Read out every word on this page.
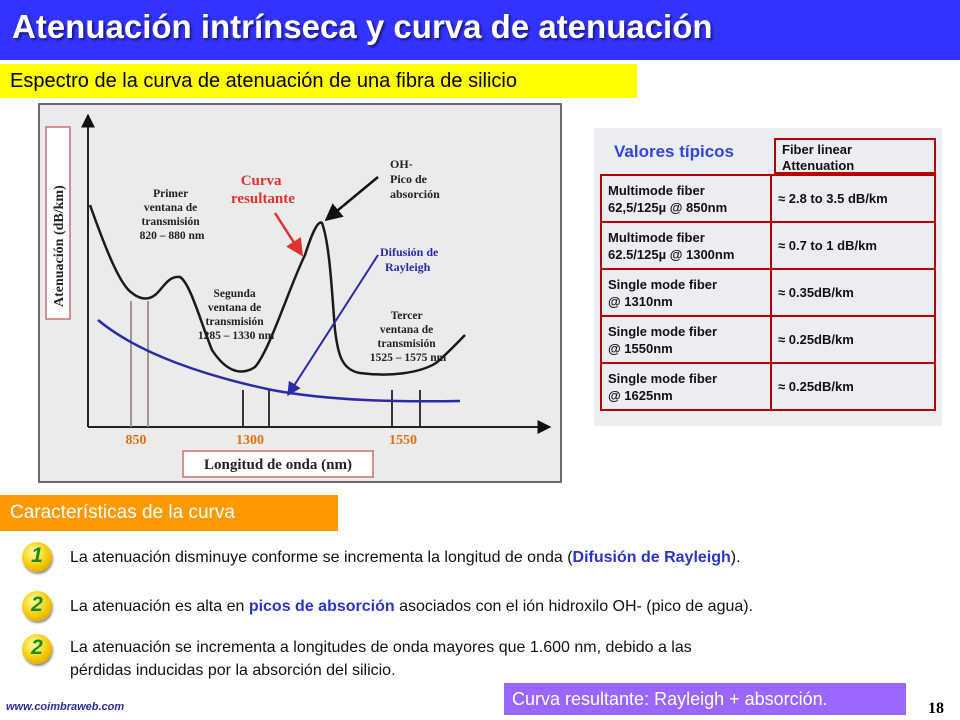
Atenuación intrínseca y curva de atenuación
Espectro de la curva de atenuación de una fibra de silicio
Atenuación (dB/km)	Primer ventana de transmisión 820 – 880 nm
Segunda ventana de transmisión 1285 – 1330 nm
Tercer ventana de transmisión 1525 – 1575 nm
Curva resultante
OH- Pico de absorción
Difusión de Rayleigh
850	1300	1550
Longitud de onda (nm)
Valores típicos	Fiber linear
Attenuation
Multimode fiber
62,5/125µ @ 850nm	≈ 2.8 to 3.5 dB/km

Multimode fiber
62.5/125µ @ 1300nm	≈ 0.7 to 1 dB/km

Single mode fiber
@ 1310nm	≈ 0.35dB/km

Single mode fiber
@ 1550nm	≈ 0.25dB/km

Single mode fiber
@ 1625nm	≈ 0.25dB/km
Características de la curva
1	La atenuación disminuye conforme se incrementa la longitud de onda (Difusión de Rayleigh).
2	La atenuación es alta en picos de absorción asociados con el ión hidroxilo OH- (pico de agua).
2	La atenuación se incrementa a longitudes de onda mayores que 1.600 nm, debido a las
pérdidas inducidas por la absorción del silicio.
www.coimbraweb.com	Curva resultante: Rayleigh + absorción.	18
